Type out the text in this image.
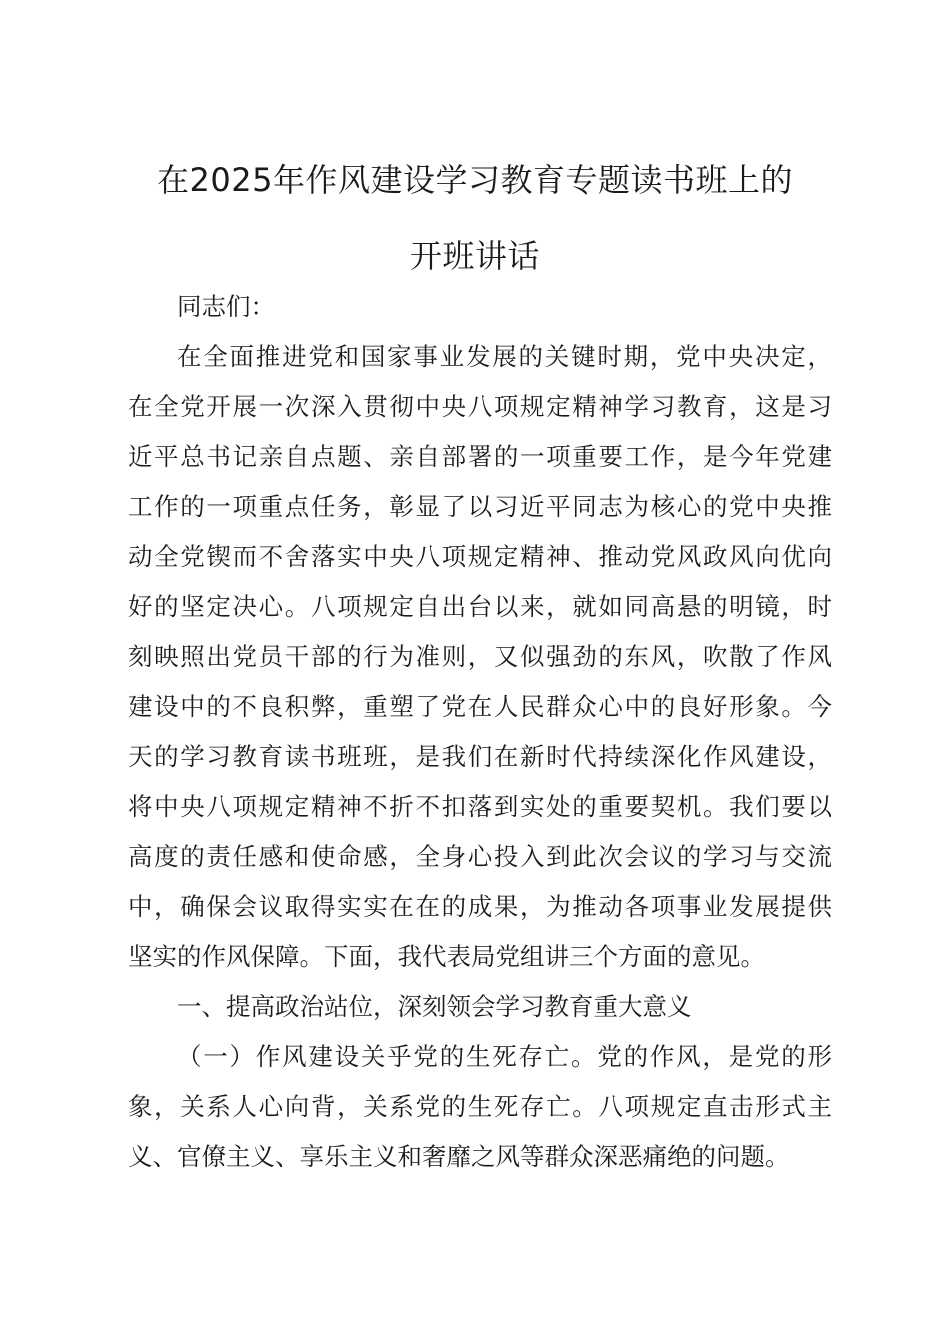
在2025年作风建设学习教育专题读书班上的
开班讲话
同志们：
在全面推进党和国家事业发展的关键时期，党中央决定，
在全党开展一次深入贯彻中央八项规定精神学习教育，这是习
近平总书记亲自点题、亲自部署的一项重要工作，是今年党建
工作的一项重点任务，彰显了以习近平同志为核心的党中央推
动全党锲而不舍落实中央八项规定精神、推动党风政风向优向
好的坚定决心。八项规定自出台以来，就如同高悬的明镜，时
刻映照出党员干部的行为准则，又似强劲的东风，吹散了作风
建设中的不良积弊，重塑了党在人民群众心中的良好形象。今
天的学习教育读书班班，是我们在新时代持续深化作风建设，
将中央八项规定精神不折不扣落到实处的重要契机。我们要以
高度的责任感和使命感，全身心投入到此次会议的学习与交流
中，确保会议取得实实在在的成果，为推动各项事业发展提供
坚实的作风保障。下面，我代表局党组讲三个方面的意见。
一、提高政治站位，深刻领会学习教育重大意义
（一）作风建设关乎党的生死存亡。党的作风，是党的形
象，关系人心向背，关系党的生死存亡。八项规定直击形式主
义、官僚主义、享乐主义和奢靡之风等群众深恶痛绝的问题。
